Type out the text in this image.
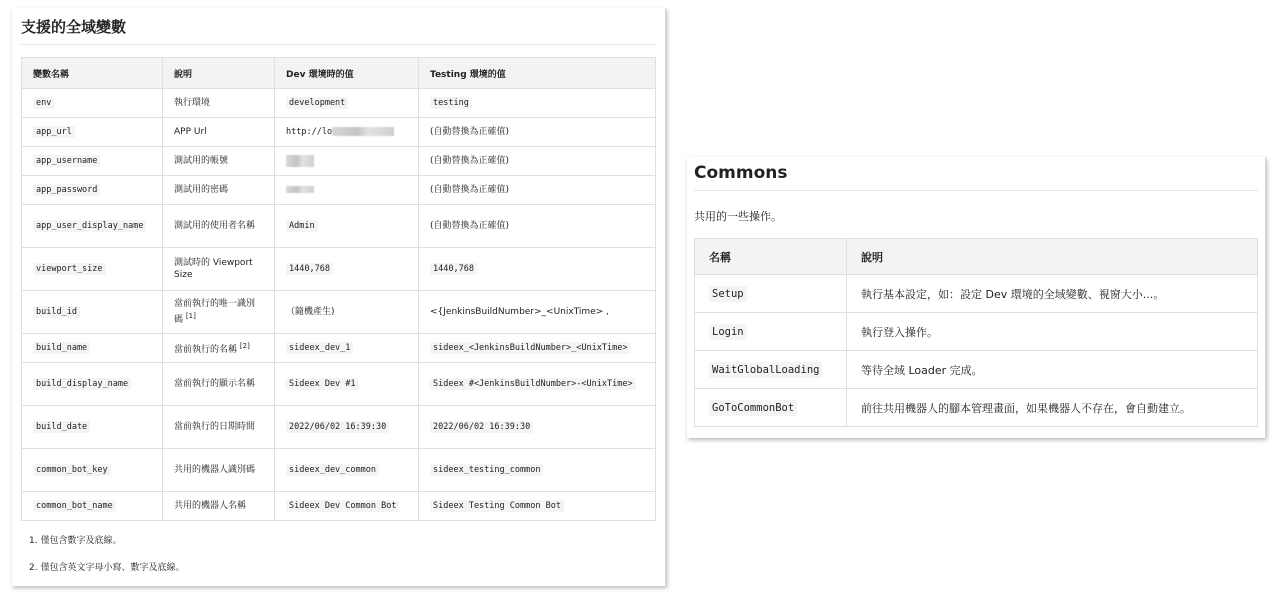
支援的全域變數
變數名稱	說明	Dev 環境時的值	Testing 環境的值
env	執行環境	development	testing
app_url	APP Url	http://lo	(自動替換為正確值)
app_username	測試用的帳號		(自動替換為正確值)
app_password	測試用的密碼		(自動替換為正確值)
app_user_display_name	測試用的使用者名稱	Admin	(自動替換為正確值)
viewport_size	測試時的 Viewport Size	1440,768	1440,768
build_id	當前執行的唯一識別碼 [1]	（隨機產生)	<{JenkinsBuildNumber>_<UnixTime> ,
build_name	當前執行的名稱 [2]	sideex_dev_1	sideex_<JenkinsBuildNumber>_<UnixTime>
build_display_name	當前執行的顯示名稱	Sideex Dev #1	Sideex #<JenkinsBuildNumber>-<UnixTime>
build_date	當前執行的日期時間	2022/06/02 16:39:30	2022/06/02 16:39:30
common_bot_key	共用的機器人識別碼	sideex_dev_common	sideex_testing_common
common_bot_name	共用的機器人名稱	Sideex Dev Common Bot	Sideex Testing Common Bot
1. 僅包含數字及底線。
2. 僅包含英文字母小寫、數字及底線。
Commons

共用的一些操作。

名稱	說明
Setup	執行基本設定，如：設定 Dev 環境的全域變數、視窗大小...。
Login	執行登入操作。
WaitGlobalLoading	等待全域 Loader 完成。
GoToCommonBot	前往共用機器人的腳本管理畫面，如果機器人不存在，會自動建立。
